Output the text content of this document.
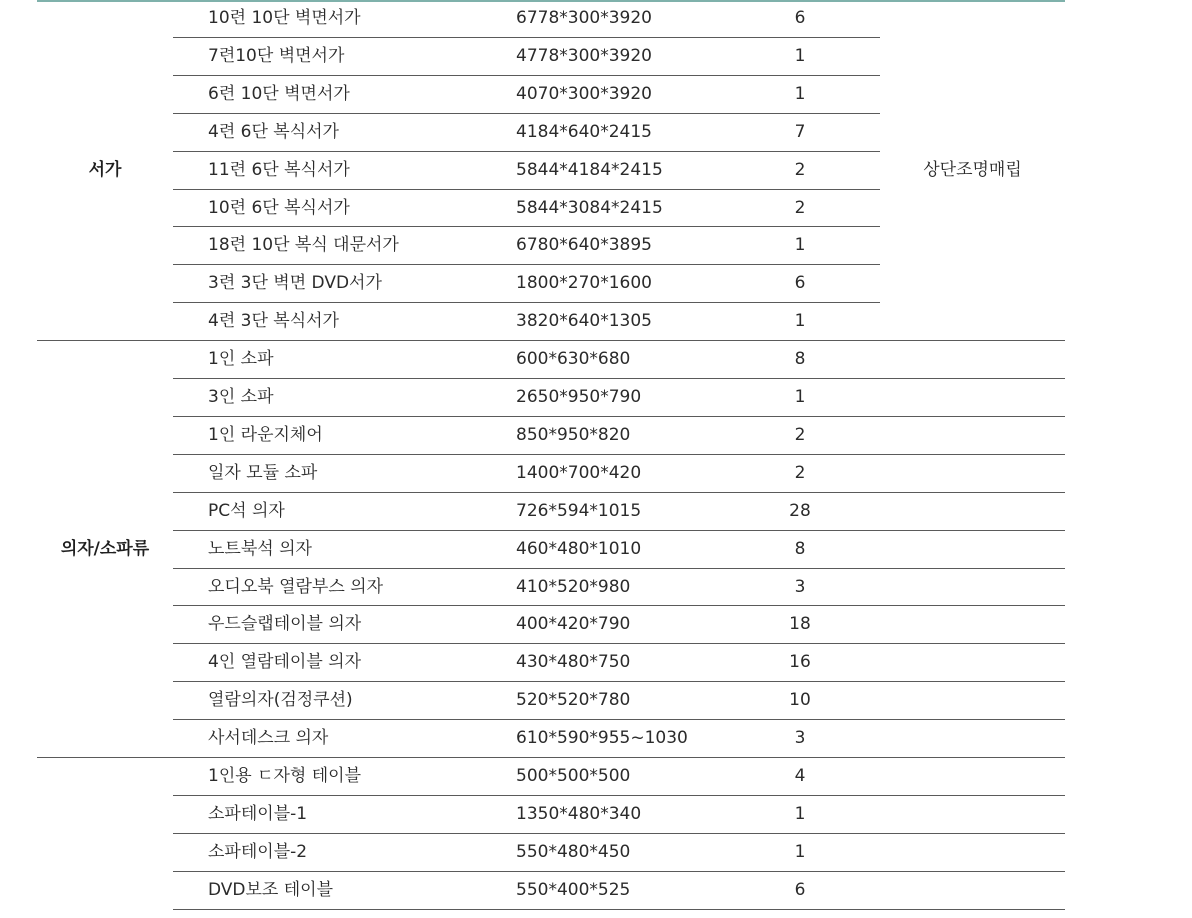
10련 10단 벽면서가	6778*300*3920	6
7련10단 벽면서가	4778*300*3920	1
6련 10단 벽면서가	4070*300*3920	1
4련 6단 복식서가	4184*640*2415	7
11련 6단 복식서가	5844*4184*2415	2
10련 6단 복식서가	5844*3084*2415	2
18련 10단 복식 대문서가	6780*640*3895	1
3련 3단 벽면 DVD서가	1800*270*1600	6
4련 3단 복식서가	3820*640*1305	1
서가	상단조명매립
1인 소파	600*630*680	8
3인 소파	2650*950*790	1
1인 라운지체어	850*950*820	2
일자 모듈 소파	1400*700*420	2
PC석 의자	726*594*1015	28
노트북석 의자	460*480*1010	8
오디오북 열람부스 의자	410*520*980	3
우드슬랩테이블 의자	400*420*790	18
4인 열람테이블 의자	430*480*750	16
열람의자(검정쿠션)	520*520*780	10
사서데스크 의자	610*590*955~1030	3
의자/소파류
1인용 ㄷ자형 테이블	500*500*500	4
소파테이블-1	1350*480*340	1
소파테이블-2	550*480*450	1
DVD보조 테이블	550*400*525	6
